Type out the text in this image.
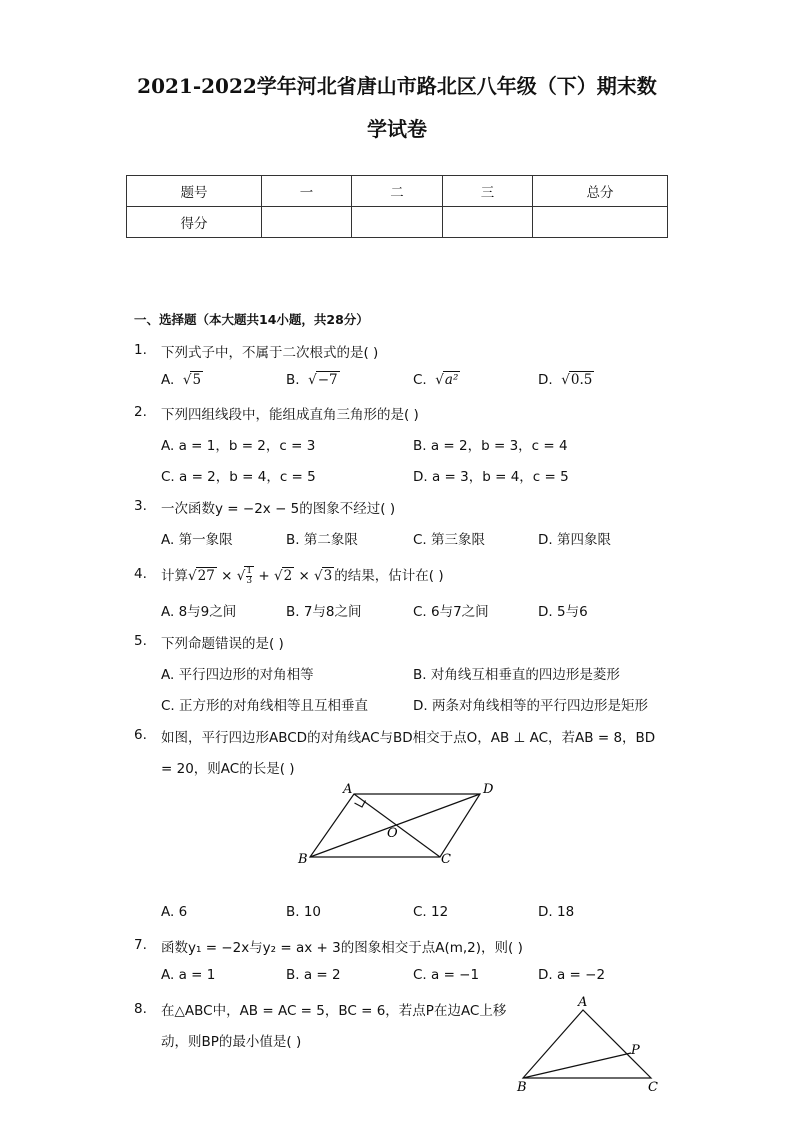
2021-2022学年河北省唐山市路北区八年级（下）期末数
学试卷
题号	一	二	三	总分
得分				
一、选择题（本大题共14小题，共28分）
1. 下列式子中，不属于二次根式的是( )
A.  √5	B.  √−7	C.  √a²	D.  √0.5
2. 下列四组线段中，能组成直角三角形的是( )
A. a = 1，b = 2，c = 3	B. a = 2，b = 3，c = 4
C. a = 2，b = 4，c = 5	D. a = 3，b = 4，c = 5
3. 一次函数y = −2x − 5的图象不经过( )
A. 第一象限	B. 第二象限	C. 第三象限	D. 第四象限
4. 计算√27 × √ $\frac{1}{3} + √2 \times √3$ 的结果，估计在( )
A. 8与9之间	B. 7与8之间	C. 6与7之间	D. 5与6
5. 下列命题错误的是( )
A. 平行四边形的对角相等	B. 对角线互相垂直的四边形是菱形
C. 正方形的对角线相等且互相垂直	D. 两条对角线相等的平行四边形是矩形
6. 如图，平行四边形ABCD的对角线AC与BD相交于点O，AB ⊥ AC，若AB = 8，BD
= 20，则AC的长是( )
A	D
O
B	C
A. 6	B. 10	C. 12	D. 18
7. 函数y₁ = −2x与y₂ = ax + 3的图象相交于点A(m,2)，则( )
A. a = 1	B. a = 2	C. a = −1	D. a = −2
8. 在△ABC中，AB = AC = 5，BC = 6，若点P在边AC上移
动，则BP的最小值是( )
A
P
B	C
